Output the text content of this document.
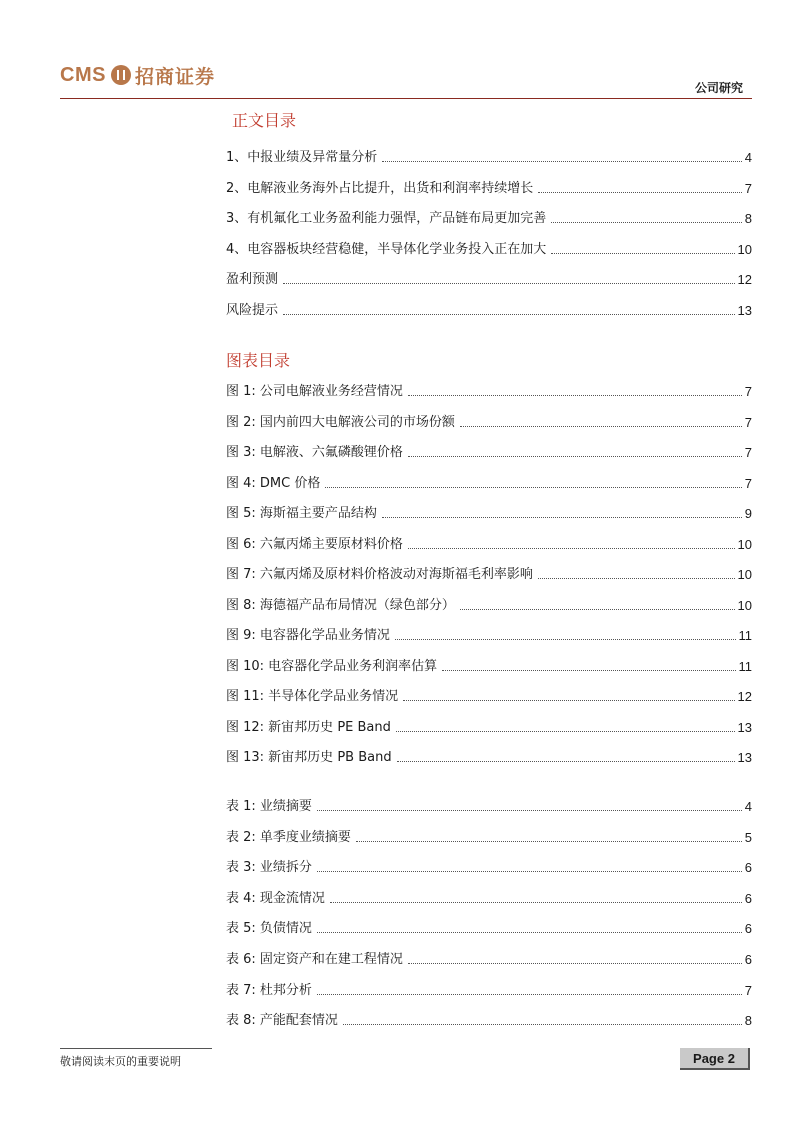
CMS 招商证券
公司研究
正文目录
1、中报业绩及异常量分析	4
2、电解液业务海外占比提升，出货和利润率持续增长	7
3、有机氟化工业务盈利能力强悍，产品链布局更加完善	8
4、电容器板块经营稳健，半导体化学业务投入正在加大	10
盈利预测	12
风险提示	13
图表目录
图 1: 公司电解液业务经营情况	7
图 2: 国内前四大电解液公司的市场份额	7
图 3: 电解液、六氟磷酸锂价格	7
图 4: DMC 价格	7
图 5: 海斯福主要产品结构	9
图 6: 六氟丙烯主要原材料价格	10
图 7: 六氟丙烯及原材料价格波动对海斯福毛利率影响	10
图 8: 海德福产品布局情况（绿色部分）	10
图 9: 电容器化学品业务情况	11
图 10: 电容器化学品业务利润率估算	11
图 11: 半导体化学品业务情况	12
图 12: 新宙邦历史 PE Band	13
图 13: 新宙邦历史 PB Band	13
表 1: 业绩摘要	4
表 2: 单季度业绩摘要	5
表 3: 业绩拆分	6
表 4: 现金流情况	6
表 5: 负债情况	6
表 6: 固定资产和在建工程情况	6
表 7: 杜邦分析	7
表 8: 产能配套情况	8
敬请阅读末页的重要说明	Page 2
